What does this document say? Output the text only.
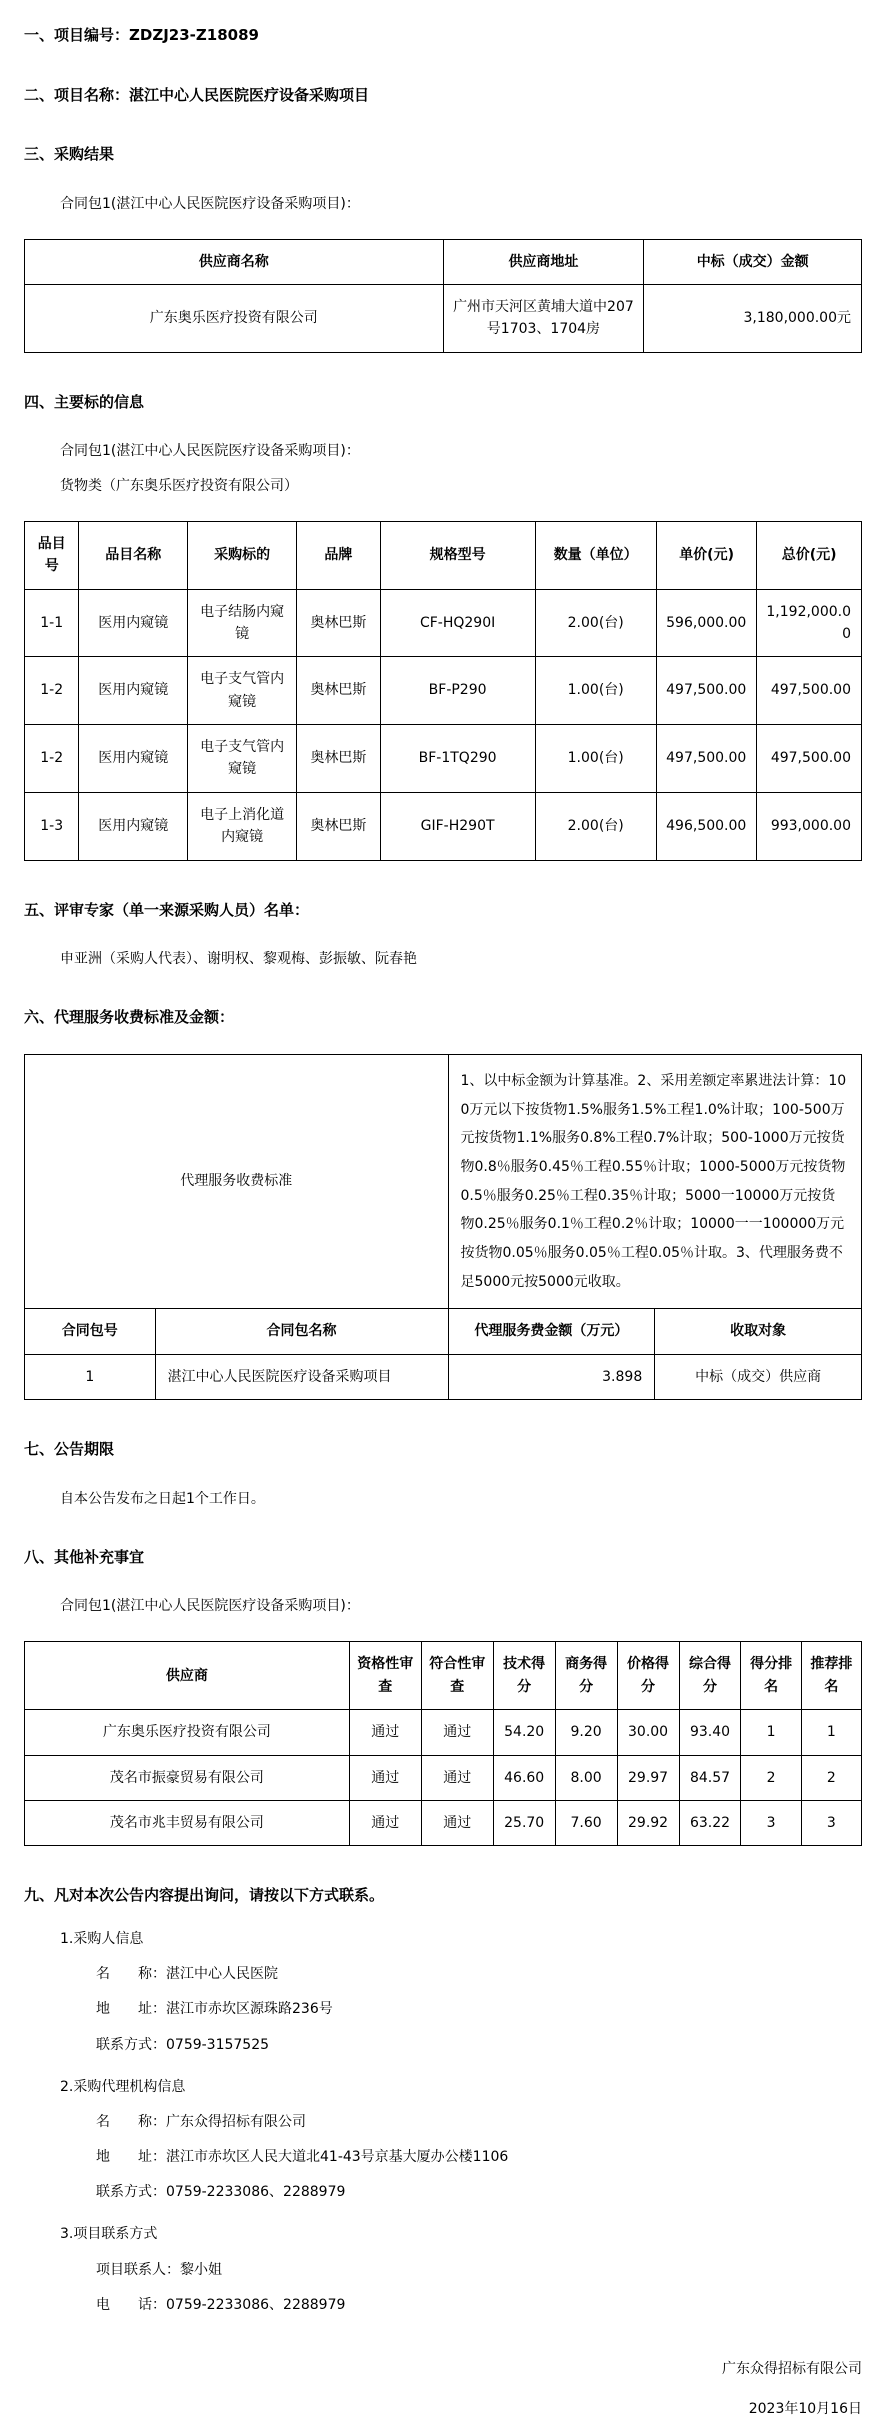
一、项目编号：ZDZJ23-Z18089
二、项目名称：湛江中心人民医院医疗设备采购项目
三、采购结果
合同包1(湛江中心人民医院医疗设备采购项目)：
供应商名称	供应商地址	中标（成交）金额
广东奥乐医疗投资有限公司	广州市天河区黄埔大道中207号1703、1704房	3,180,000.00元
四、主要标的信息
合同包1(湛江中心人民医院医疗设备采购项目)：
货物类（广东奥乐医疗投资有限公司）
品目号	品目名称	采购标的	品牌	规格型号	数量（单位）	单价(元)	总价(元)
1-1	医用内窥镜	电子结肠内窥镜	奥林巴斯	CF-HQ290I	2.00(台)	596,000.00	1,192,000.00
1-2	医用内窥镜	电子支气管内窥镜	奥林巴斯	BF-P290	1.00(台)	497,500.00	497,500.00
1-2	医用内窥镜	电子支气管内窥镜	奥林巴斯	BF-1TQ290	1.00(台)	497,500.00	497,500.00
1-3	医用内窥镜	电子上消化道内窥镜	奥林巴斯	GIF-H290T	2.00(台)	496,500.00	993,000.00
五、评审专家（单一来源采购人员）名单：
申亚洲（采购人代表）、谢明权、黎观梅、彭振敏、阮春艳
六、代理服务收费标准及金额：
代理服务收费标准		1、以中标金额为计算基准。2、采用差额定率累进法计算：100万元以下按货物1.5%服务1.5%工程1.0%计取；100-500万元按货物1.1%服务0.8%工程0.7%计取；500-1000万元按货物0.8％服务0.45％工程0.55％计取；1000-5000万元按货物0.5％服务0.25％工程0.35％计取；5000一10000万元按货物0.25％服务0.1％工程0.2％计取；10000一一100000万元按货物0.05％服务0.05％工程0.05％计取。3、代理服务费不足5000元按5000元收取。	
合同包号	合同包名称	代理服务费金额（万元）	收取对象
1	湛江中心人民医院医疗设备采购项目	3.898	中标（成交）供应商
七、公告期限
自本公告发布之日起1个工作日。
八、其他补充事宜
合同包1(湛江中心人民医院医疗设备采购项目)：
供应商	资格性审查	符合性审查	技术得分	商务得分	价格得分	综合得分	得分排名	推荐排名
广东奥乐医疗投资有限公司	通过	通过	54.20	9.20	30.00	93.40	1	1
茂名市振豪贸易有限公司	通过	通过	46.60	8.00	29.97	84.57	2	2
茂名市兆丰贸易有限公司	通过	通过	25.70	7.60	29.92	63.22	3	3
九、凡对本次公告内容提出询问，请按以下方式联系。
1.采购人信息
名　　称：湛江中心人民医院
地　　址：湛江市赤坎区源珠路236号
联系方式：0759-3157525
2.采购代理机构信息
名　　称：广东众得招标有限公司
地　　址：湛江市赤坎区人民大道北41-43号京基大厦办公楼1106
联系方式：0759-2233086、2288979
3.项目联系方式
项目联系人：黎小姐
电　　话：0759-2233086、2288979
广东众得招标有限公司
2023年10月16日
